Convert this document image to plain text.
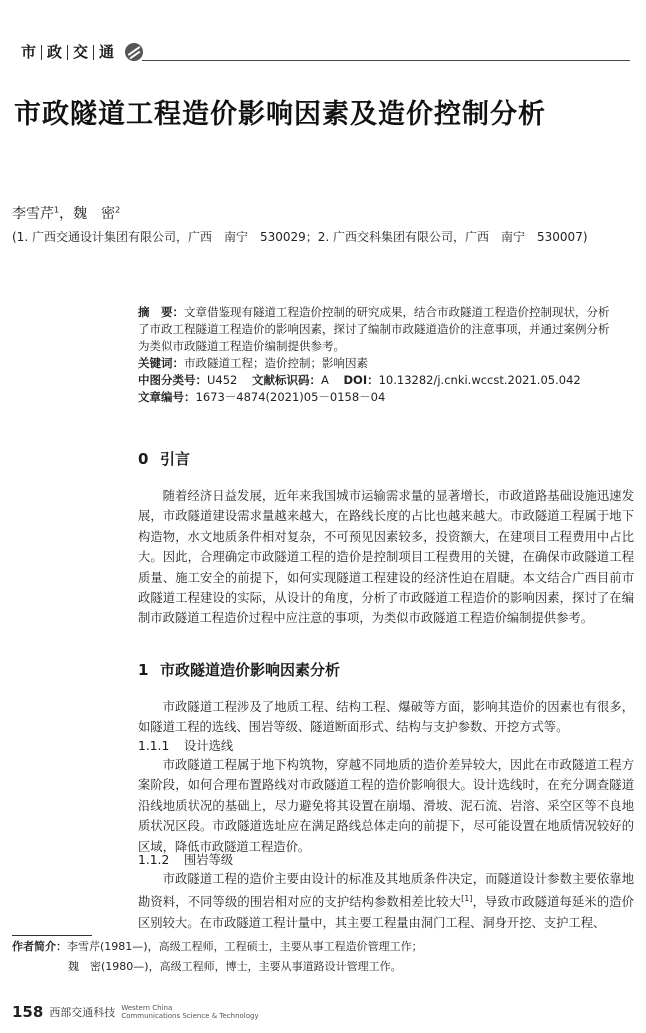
市 政 交 通
市政隧道工程造价影响因素及造价控制分析
李雪芹$^1$，魏　密$^2$
(1. 广西交通设计集团有限公司，广西　南宁　530029；2. 广西交科集团有限公司，广西　南宁　530007)

摘　要：文章借鉴现有隧道工程造价控制的研究成果，结合市政隧道工程造价控制现状，分析

了市政工程隧道工程造价的影响因素，探讨了编制市政隧道造价的注意事项，并通过案例分析

为类似市政隧道工程造价编制提供参考。

关键词：市政隧道工程；造价控制；影响因素

中图分类号：U452 文献标识码：A DOI：10.13282/j.cnki.wccst.2021.05.042

文章编号：1673－4874(2021)05－0158－04

0 引言
随着经济日益发展，近年来我国城市运输需求量的显著增长，市政道路基础设施迅速发展，市政隧道建设需求量越来越大，在路线长度的占比也越来越大。市政隧道工程属于地下构造物，水文地质条件相对复杂，不可预见因素较多，投资额大，在建项目工程费用中占比大。因此，合理确定市政隧道工程的造价是控制项目工程费用的关键，在确保市政隧道工程质量、施工安全的前提下，如何实现隧道工程建设的经济性迫在眉睫。本文结合广西目前市政隧道工程建设的实际，从设计的角度，分析了市政隧道工程造价的影响因素，探讨了在编制市政隧道工程造价过程中应注意的事项，为类似市政隧道工程造价编制提供参考。
1 市政隧道造价影响因素分析
市政隧道工程涉及了地质工程、结构工程、爆破等方面，影响其造价的因素也有很多，如隧道工程的选线、围岩等级、隧道断面形式、结构与支护参数、开挖方式等。
1.1.1 设计选线
市政隧道工程属于地下构筑物，穿越不同地质的造价差异较大，因此在市政隧道工程方案阶段，如何合理布置路线对市政隧道工程的造价影响很大。设计选线时，在充分调查隧道沿线地质状况的基础上，尽力避免将其设置在崩塌、滑坡、泥石流、岩溶、采空区等不良地质状况区段。市政隧道选址应在满足路线总体走向的前提下，尽可能设置在地质情况较好的区域，降低市政隧道工程造价。
1.1.2 围岩等级
市政隧道工程的造价主要由设计的标准及其地质条件决定，而隧道设计参数主要依靠地勘资料，不同等级的围岩相对应的支护结构参数相差比较大[1]，导致市政隧道每延米的造价区别较大。在市政隧道工程计量中，其主要工程量由洞门工程、洞身开挖、支护工程、
作者简介：李雪芹(1981—)，高级工程师，工程硕士，主要从事工程造价管理工作；
魏　密(1980—)，高级工程师，博士，主要从事道路设计管理工作。
158 西部交通科技 Western China
Communications Science & Technology
